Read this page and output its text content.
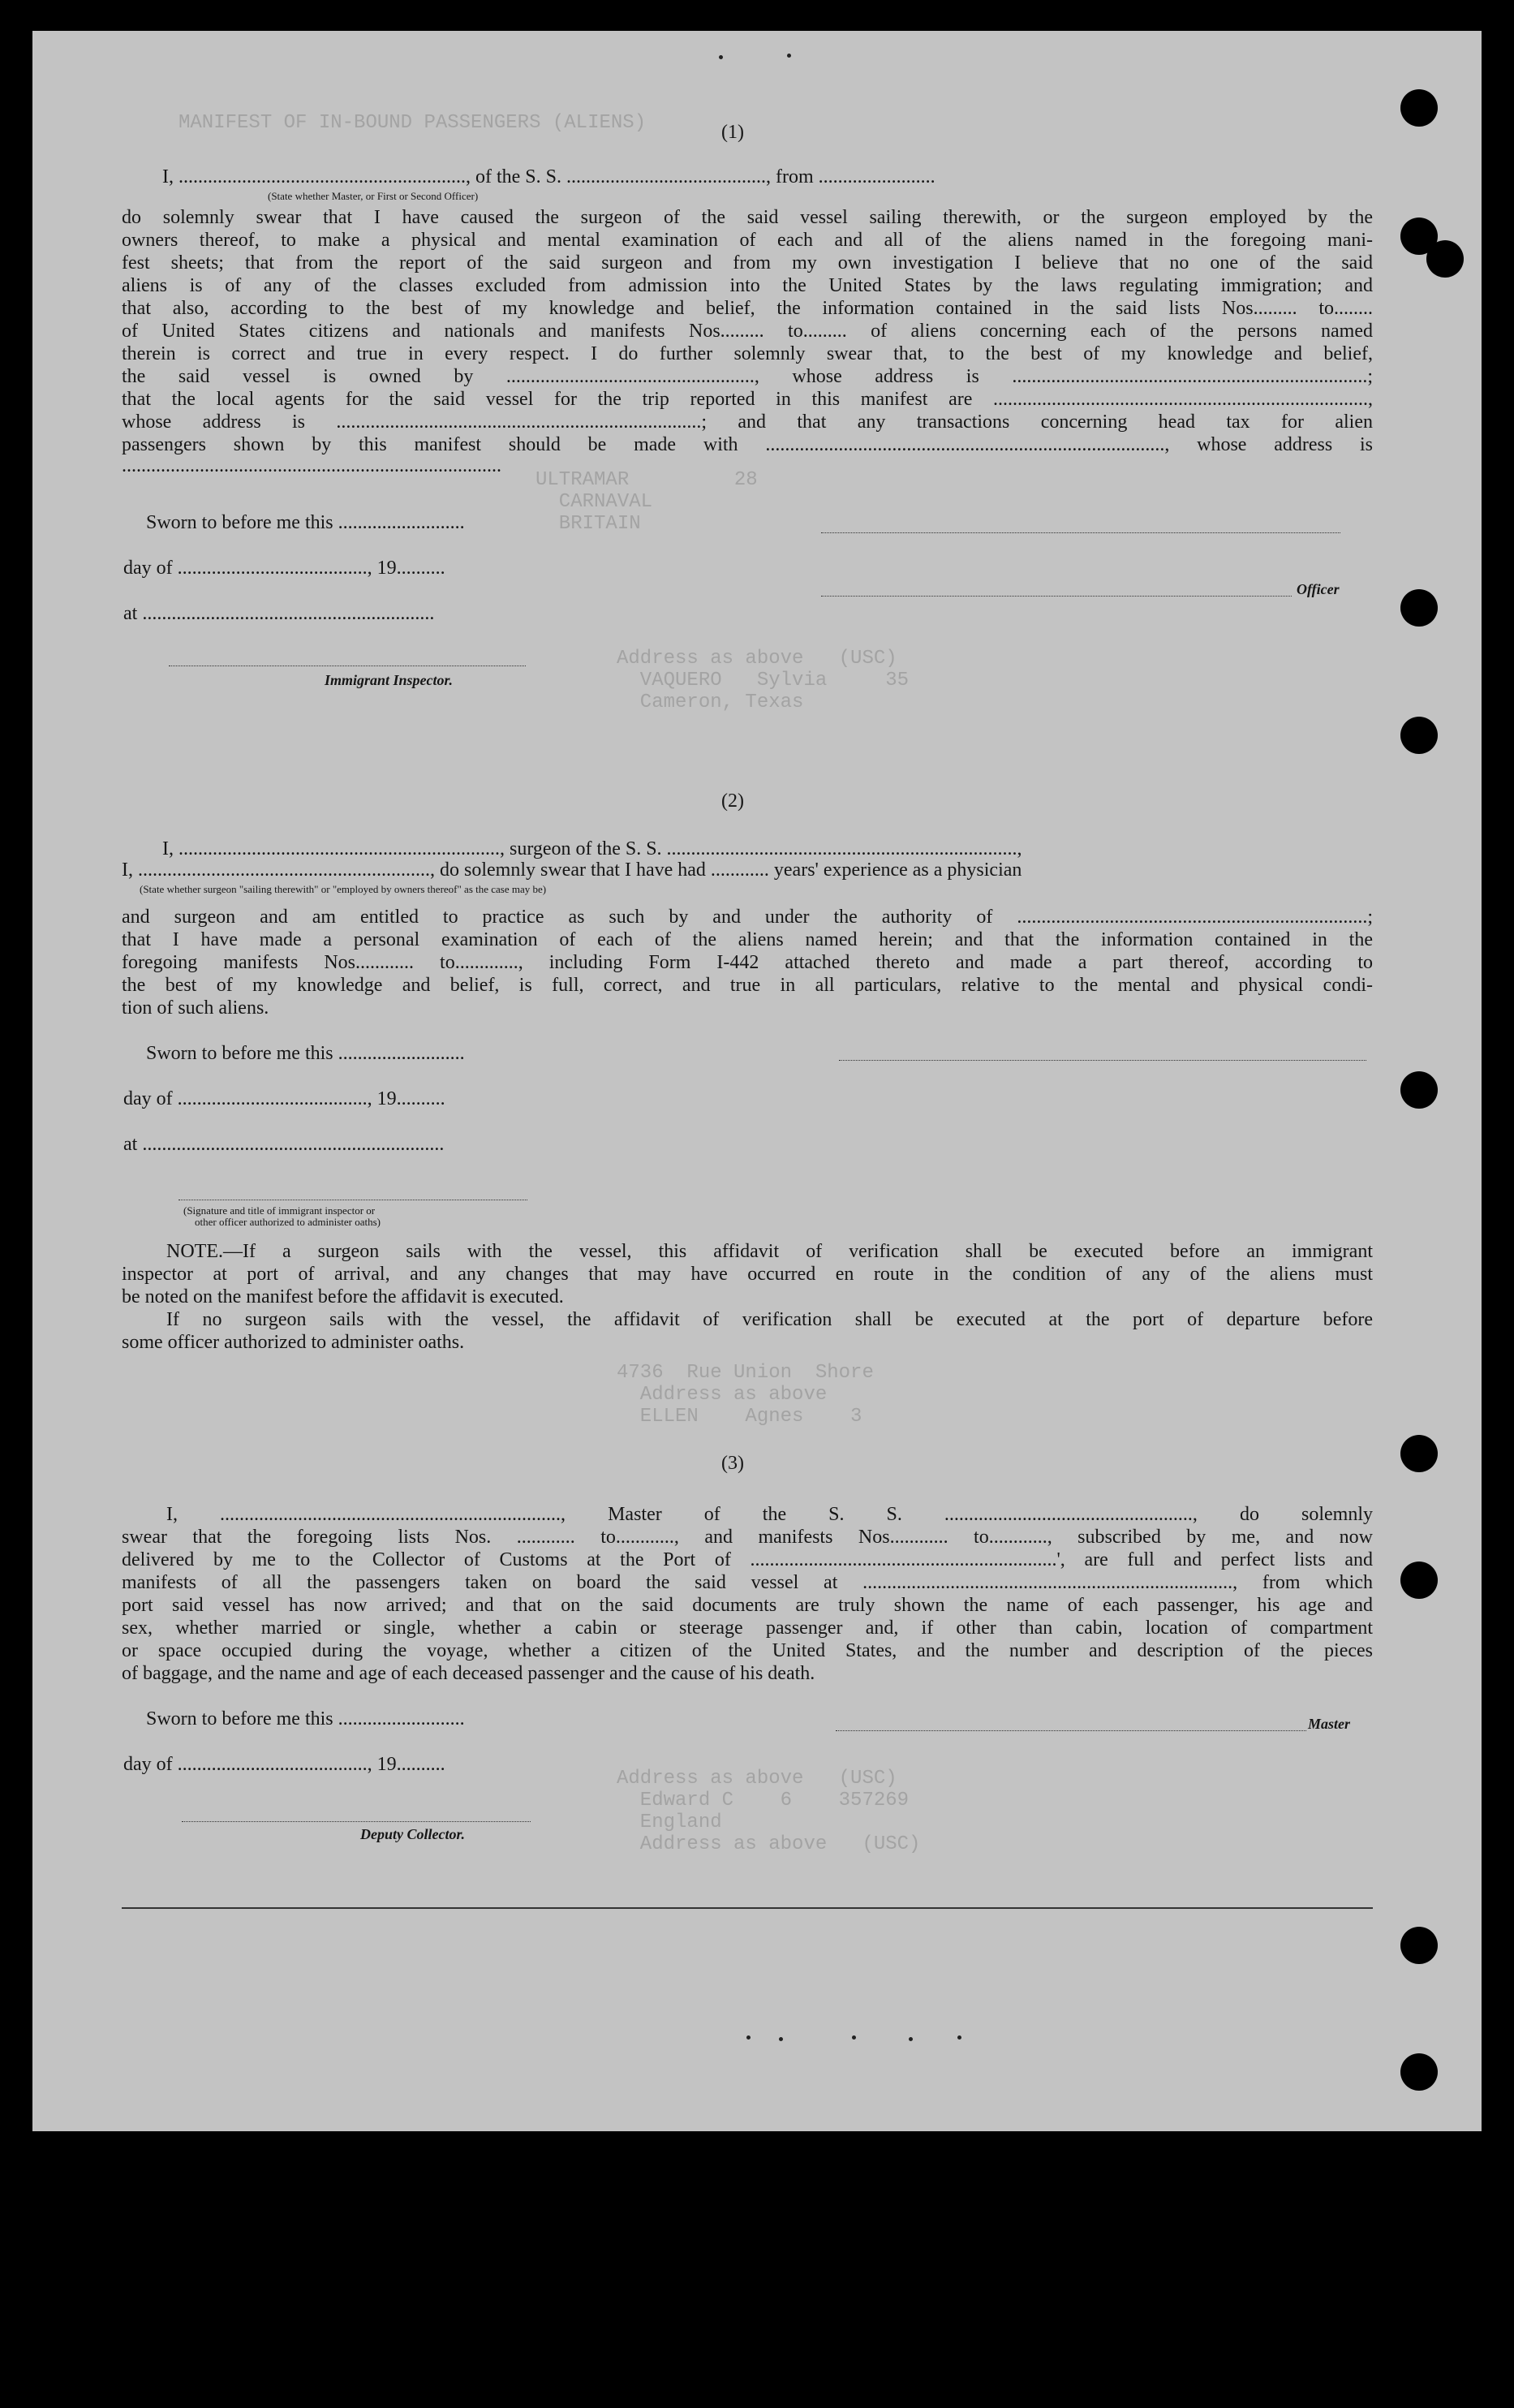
MANIFEST OF IN-BOUND PASSENGERS (ALIENS)
ULTRAMAR         28
CARNAVAL
BRITAIN
Address as above   (USC)
VAQUERO   Sylvia     35
Cameron, Texas
4736  Rue Union  Shore
Address as above
ELLEN    Agnes    3
Address as above   (USC)
Edward C    6    357269
England
Address as above   (USC)
(1)
I, ..........................................................., of the S. S. ........................................., from ........................
(State whether Master, or First or Second Officer)
do solemnly swear that I have caused the surgeon of the said vessel sailing therewith, or the surgeon employed by the
owners thereof, to make a physical and mental examination of each and all of the aliens named in the foregoing mani-
fest sheets; that from the report of the said surgeon and from my own investigation I believe that no one of the said
aliens is of any of the classes excluded from admission into the United States by the laws regulating immigration; and
that also, according to the best of my knowledge and belief, the information contained in the said lists Nos......... to........
of United States citizens and nationals and manifests Nos......... to......... of aliens concerning each of the persons named
therein is correct and true in every respect. I do further solemnly swear that, to the best of my knowledge and belief,
the said vessel is owned by ..................................................., whose address is .........................................................................;
that the local agents for the said vessel for the trip reported in this manifest are .............................................................................,
whose address is ...........................................................................; and that any transactions concerning head tax for alien
passengers shown by this manifest should be made with .................................................................................., whose address is
..............................................................................
Sworn to before me this ..........................
day of ......................................., 19..........
at ............................................................
Immigrant Inspector.
Officer
(2)
I, .................................................................., surgeon of the S. S. ........................................................................,
I, ............................................................, do solemnly swear that I have had ............ years' experience as a physician
(State whether surgeon "sailing therewith" or "employed by owners thereof" as the case may be)
and surgeon and am entitled to practice as such by and under the authority of ........................................................................;
that I have made a personal examination of each of the aliens named herein; and that the information contained in the
foregoing manifests Nos............ to............., including Form I-442 attached thereto and made a part thereof, according to
the best of my knowledge and belief, is full, correct, and true in all particulars, relative to the mental and physical condi-
tion of such aliens.
Sworn to before me this ..........................
day of ......................................., 19..........
at ..............................................................
(Signature and title of immigrant inspector or
other officer authorized to administer oaths)
NOTE.—If a surgeon sails with the vessel, this affidavit of verification shall be executed before an immigrant
inspector at port of arrival, and any changes that may have occurred en route in the condition of any of the aliens must
be noted on the manifest before the affidavit is executed.
If no surgeon sails with the vessel, the affidavit of verification shall be executed at the port of departure before
some officer authorized to administer oaths.
(3)
I, ......................................................................, Master of the S. S. ..................................................., do solemnly
swear that the foregoing lists Nos. ............ to............, and manifests Nos............ to............, subscribed by me, and now
delivered by me to the Collector of Customs at the Port of ...............................................................', are full and perfect lists and
manifests of all the passengers taken on board the said vessel at ............................................................................, from which
port said vessel has now arrived; and that on the said documents are truly shown the name of each passenger, his age and
sex, whether married or single, whether a cabin or steerage passenger and, if other than cabin, location of compartment
or space occupied during the voyage, whether a citizen of the United States, and the number and description of the pieces
of baggage, and the name and age of each deceased passenger and the cause of his death.
Sworn to before me this ..........................
day of ......................................., 19..........
Deputy Collector.
Master
